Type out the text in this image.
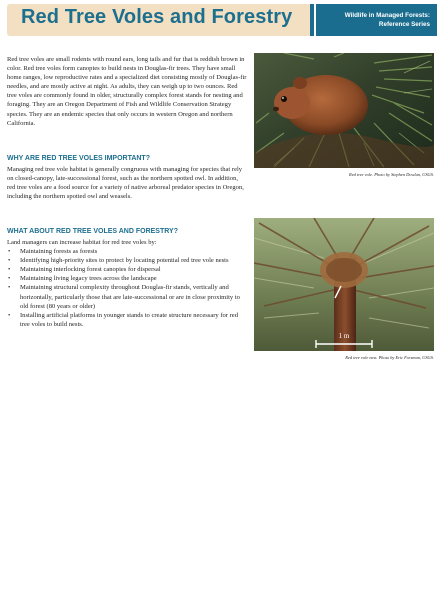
Red Tree Voles and Forestry	Wildlife in Managed Forests:
Reference Series

Red tree voles are small rodents with round ears, long tails and fur that is reddish brown in color. Red tree voles form canopies to build nests in Douglas-fir trees. They have small home ranges, low reproductive rates and a specialized diet consisting mostly of Douglas-fir needles, and are mostly active at night. As adults, they can weigh up to two ounces. Red tree voles are commonly found in older, structurally complex forest stands for nesting and foraging. They are an Oregon Department of Fish and Wildlife Conservation Strategy species. They are an endemic species that only occurs in western Oregon and northern California.

WHY ARE RED TREE VOLES IMPORTANT?

Managing red tree vole habitat is generally congruous with managing for species that rely on closed-canopy, late-successional forest, such as the northern spotted owl. In addition, red tree voles are a food source for a variety of native arboreal predator species in Oregon, including the northern spotted owl and weasels.

WHAT ABOUT RED TREE VOLES AND FORESTRY?

Land managers can increase habitat for red tree voles by:

• Maintaining forests as forests
• Identifying high-priority sites to protect by locating potential red tree vole nests
• Maintaining interlocking forest canopies for dispersal
• Maintaining living legacy trees across the landscape
• Maintaining structural complexity throughout Douglas-fir stands, vertically and horizontally, particularly those that are late-successional or are in close proximity to old forest (80 years or older)
• Installing artificial platforms in younger stands to create structure necessary for red tree voles to build nests.
Red tree vole. Photo by Stephen Dowlan, USGS.
1 m
Red tree vole nest. Photo by Eric Forsman, USGS.
